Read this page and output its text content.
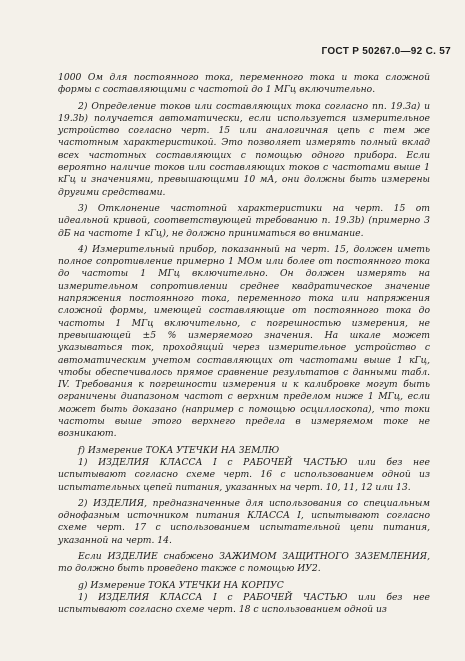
ГОСТ Р 50267.0—92 С. 57

1000 Ом для постоянного тока, переменного тока и тока сложной формы с составляющими с частотой до 1 МГц включительно.

2) Определение токов или составляющих тока согласно пп. 19.3а) и 19.3b) получается автоматически, если используется измерительное устройство согласно черт. 15 или аналогичная цепь с тем же частотным характеристикой. Это позволяет измерять полный вклад всех частотных составляющих с помощью одного прибора. Если вероятно наличие токов или составляющих токов с частотами выше 1 кГц и значениями, превышающими 10 мА, они должны быть измерены другими средствами.

3) Отклонение частотной характеристики на черт. 15 от идеальной кривой, соответствующей требованию п. 19.3b) (примерно 3 дБ на частоте 1 кГц), не должно приниматься во внимание.

4) Измерительный прибор, показанный на черт. 15, должен иметь полное сопротивление примерно 1 МОм или более от постоянного тока до частоты 1 МГц включительно. Он должен измерять на измерительном сопротивлении среднее квадратическое значение напряжения постоянного тока, переменного тока или напряжения сложной формы, имеющей составляющие от постоянного тока до частоты 1 МГц включительно, с погрешностью измерения, не превышающей ±5 % измеряемого значения. На шкале может указываться ток, проходящий через измерительное устройство с автоматическим учетом составляющих от частотами выше 1 кГц, чтобы обеспечивалось прямое сравнение результатов с данными табл. IV. Требования к погрешности измерения и к калибровке могут быть ограничены диапазоном частот с верхним пределом ниже 1 МГц, если может быть доказано (например с помощью осциллоскопа), что токи частоты выше этого верхнего предела в измеряемом токе не возникают.

f) Измерение ТОКА УТЕЧКИ НА ЗЕМЛЮ

1) ИЗДЕЛИЯ КЛАССА I с РАБОЧЕЙ ЧАСТЬЮ или без нее испытывают согласно схеме черт. 16 с использованием одной из испытательных цепей питания, указанных на черт. 10, 11, 12 или 13.

2) ИЗДЕЛИЯ, предназначенные для использования со специальным однофазным источником питания КЛАССА I, испытывают согласно схеме черт. 17 с использованием испытательной цепи питания, указанной на черт. 14.

Если ИЗДЕЛИЕ снабжено ЗАЖИМОМ ЗАЩИТНОГО ЗАЗЕМЛЕНИЯ, то должно быть проведено также с помощью ИУ2.

g) Измерение ТОКА УТЕЧКИ НА КОРПУС

1) ИЗДЕЛИЯ КЛАССА I с РАБОЧЕЙ ЧАСТЬЮ или без нее испытывают согласно схеме черт. 18 с использованием одной из
